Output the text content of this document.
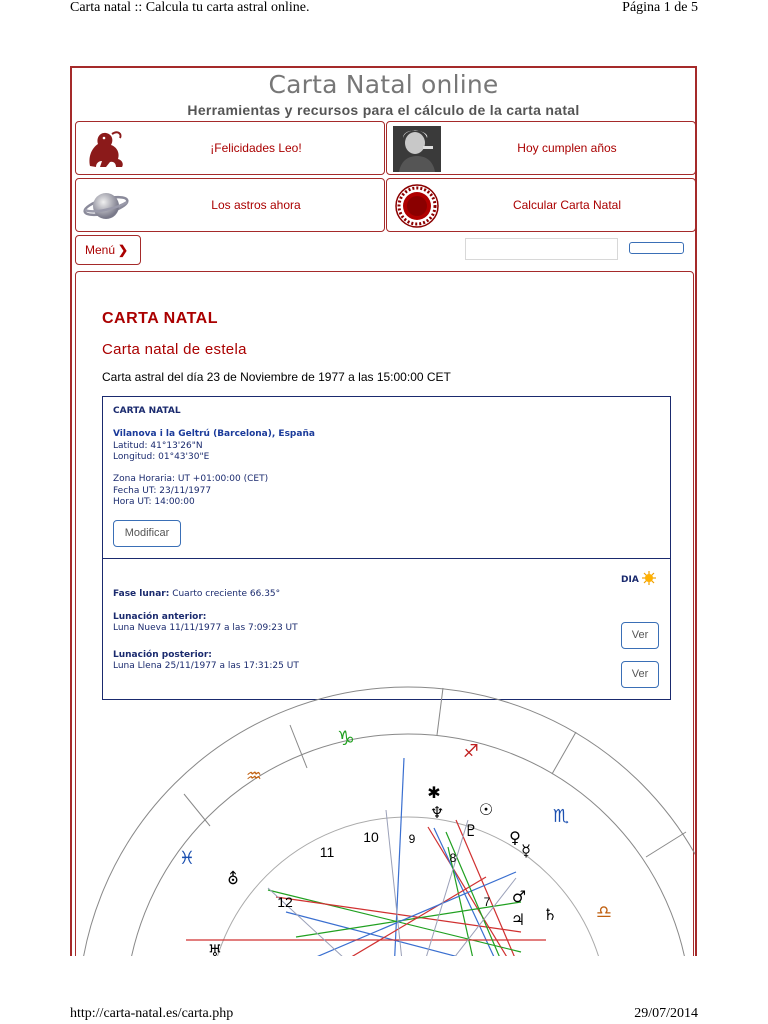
Carta natal :: Calcula tu carta astral online.	Página 1 de 5
Carta Natal online
Herramientas y recursos para el cálculo de la carta natal
¡Felicidades Leo!	Hoy cumplen años
Los astros ahora	Calcular Carta Natal
Menú ❯
CARTA NATAL
Carta natal de estela
Carta astral del día 23 de Noviembre de 1977 a las 15:00:00 CET
CARTA NATAL
Vilanova i la Geltrú (Barcelona), España
Latitud: 41°13'26"N
Longitud: 01°43'30"E
Zona Horaria: UT +01:00:00 (CET)
Fecha UT: 23/11/1977
Hora UT: 14:00:00
Modificar
DIA
Fase lunar: Cuarto creciente 66.35°
Lunación anterior:
Luna Nueva 11/11/1977 a las 7:09:23 UT
Ver
Lunación posterior:
Luna Llena 25/11/1977 a las 17:31:25 UT
Ver
♑
♐
♏
♎
♒
♓
7
8
9
10
11
12
✱
♆ ☉
♀
♇
☿
♂
♄
♃
⛢
♅
http://carta-natal.es/carta.php	29/07/2014
